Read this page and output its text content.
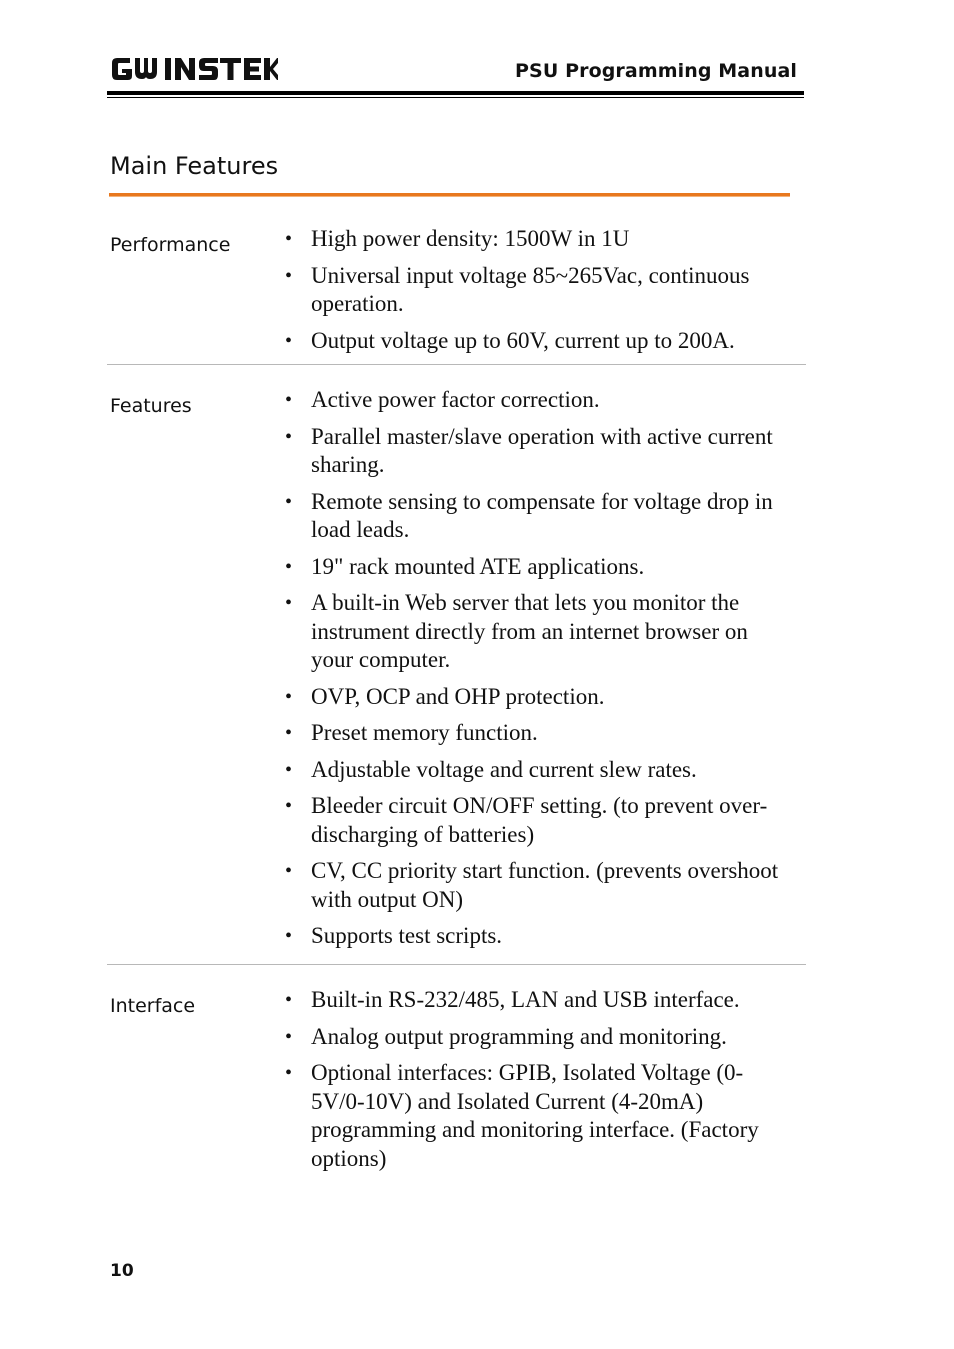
PSU Programming Manual
Main Features
Performance	• High power density: 1500W in 1U
• Universal input voltage 85~265Vac, continuous operation.
• Output voltage up to 60V, current up to 200A.
Features	• Active power factor correction.
• Parallel master/slave operation with active current sharing.
• Remote sensing to compensate for voltage drop in load leads.
• 19" rack mounted ATE applications.
• A built-in Web server that lets you monitor the instrument directly from an internet browser on your computer.
• OVP, OCP and OHP protection.
• Preset memory function.
• Adjustable voltage and current slew rates.
• Bleeder circuit ON/OFF setting. (to prevent over-discharging of batteries)
• CV, CC priority start function. (prevents overshoot with output ON)
• Supports test scripts.
Interface	• Built-in RS-232/485, LAN and USB interface.
• Analog output programming and monitoring.
• Optional interfaces: GPIB, Isolated Voltage (0-5V/0-10V) and Isolated Current (4-20mA) programming and monitoring interface. (Factory options)
10
